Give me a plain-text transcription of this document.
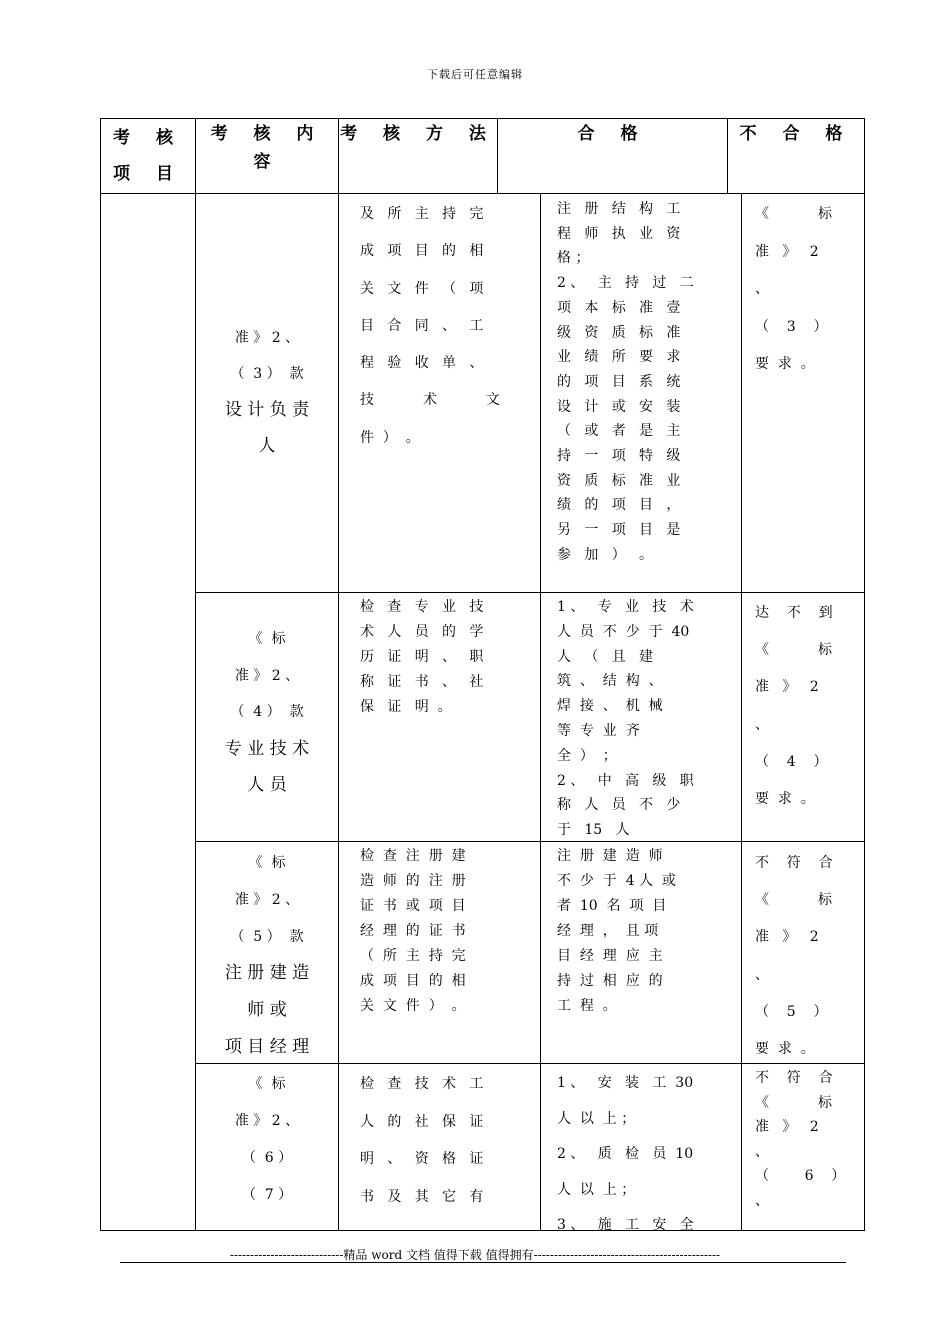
下载后可任意编辑
考 核
项 目
考 核 内 容
考 核 方 法	合 格	不 合 格
准 》 2 、
（  3 ）  款
设 计 负 责
人
及   所   主   持   完
成   项   目   的   相
关   文   件   （   项
目   合   同   、   工
程   验   收   单   、
技           术           文
件  ）  。
注   册   结   构   工
程   师   执   业   资
格 ；
2 、   主   持   过   二
项   本   标   准   壹
级   资   质   标   准
业   绩   所   要   求
的   项   目   系   统
设   计   或   安   装
（   或   者   是   主
持   一   项   特   级
资   质   标   准   业
绩   的   项   目   ，
另   一   项   目   是
参   加   ）   。
《           标
准   》   2
、
（    3    ）
要  求  。
《  标
准 》 2 、
（  4 ）  款
专 业 技 术
人 员
检   查   专   业   技
术   人   员   的   学
历   证   明   、   职
称   证   书   、   社
保   证   明  。
1 、   专   业   技   术
人  员  不  少  于  40
人   （   且   建
筑  、  结  构  、
焊  接  、  机  械
等  专  业  齐
全  ）  ；
2 、   中   高   级   职
称   人   员   不   少
于   15   人
达    不    到
《           标
准   》   2
、
（    4    ）
要  求  。
《  标
准 》 2 、
（  5 ）  款
注 册 建 造
师 或
项 目 经 理
检  查  注  册  建
造  师  的  注  册
证  书  或  项  目
经  理  的  证  书
（  所  主  持  完
成  项  目  的  相
关  文  件  ）  。
注  册  建  造  师
不  少  于  4 人  或
者  10  名  项  目
经  理  ，  且 项
目  经  理  应  主
持  过  相  应  的
工  程  。
不    符    合
《           标
准   》   2
、
（    5    ）
要  求  。
《  标
准 》 2 、
（  6 ）
（  7 ）
检   查   技   术   工
人   的   社   保   证
明   、   资   格   证
书   及   其   它   有
1 、   安   装   工  30
人  以  上 ；
2 、   质   检   员  10
人  以  上 ；
3 、   施   工   安   全
不    符    合
《           标
准   》   2
、
（        6    ）
、
----------------------------精品 word 文档 值得下载 值得拥有----------------------------------------------
